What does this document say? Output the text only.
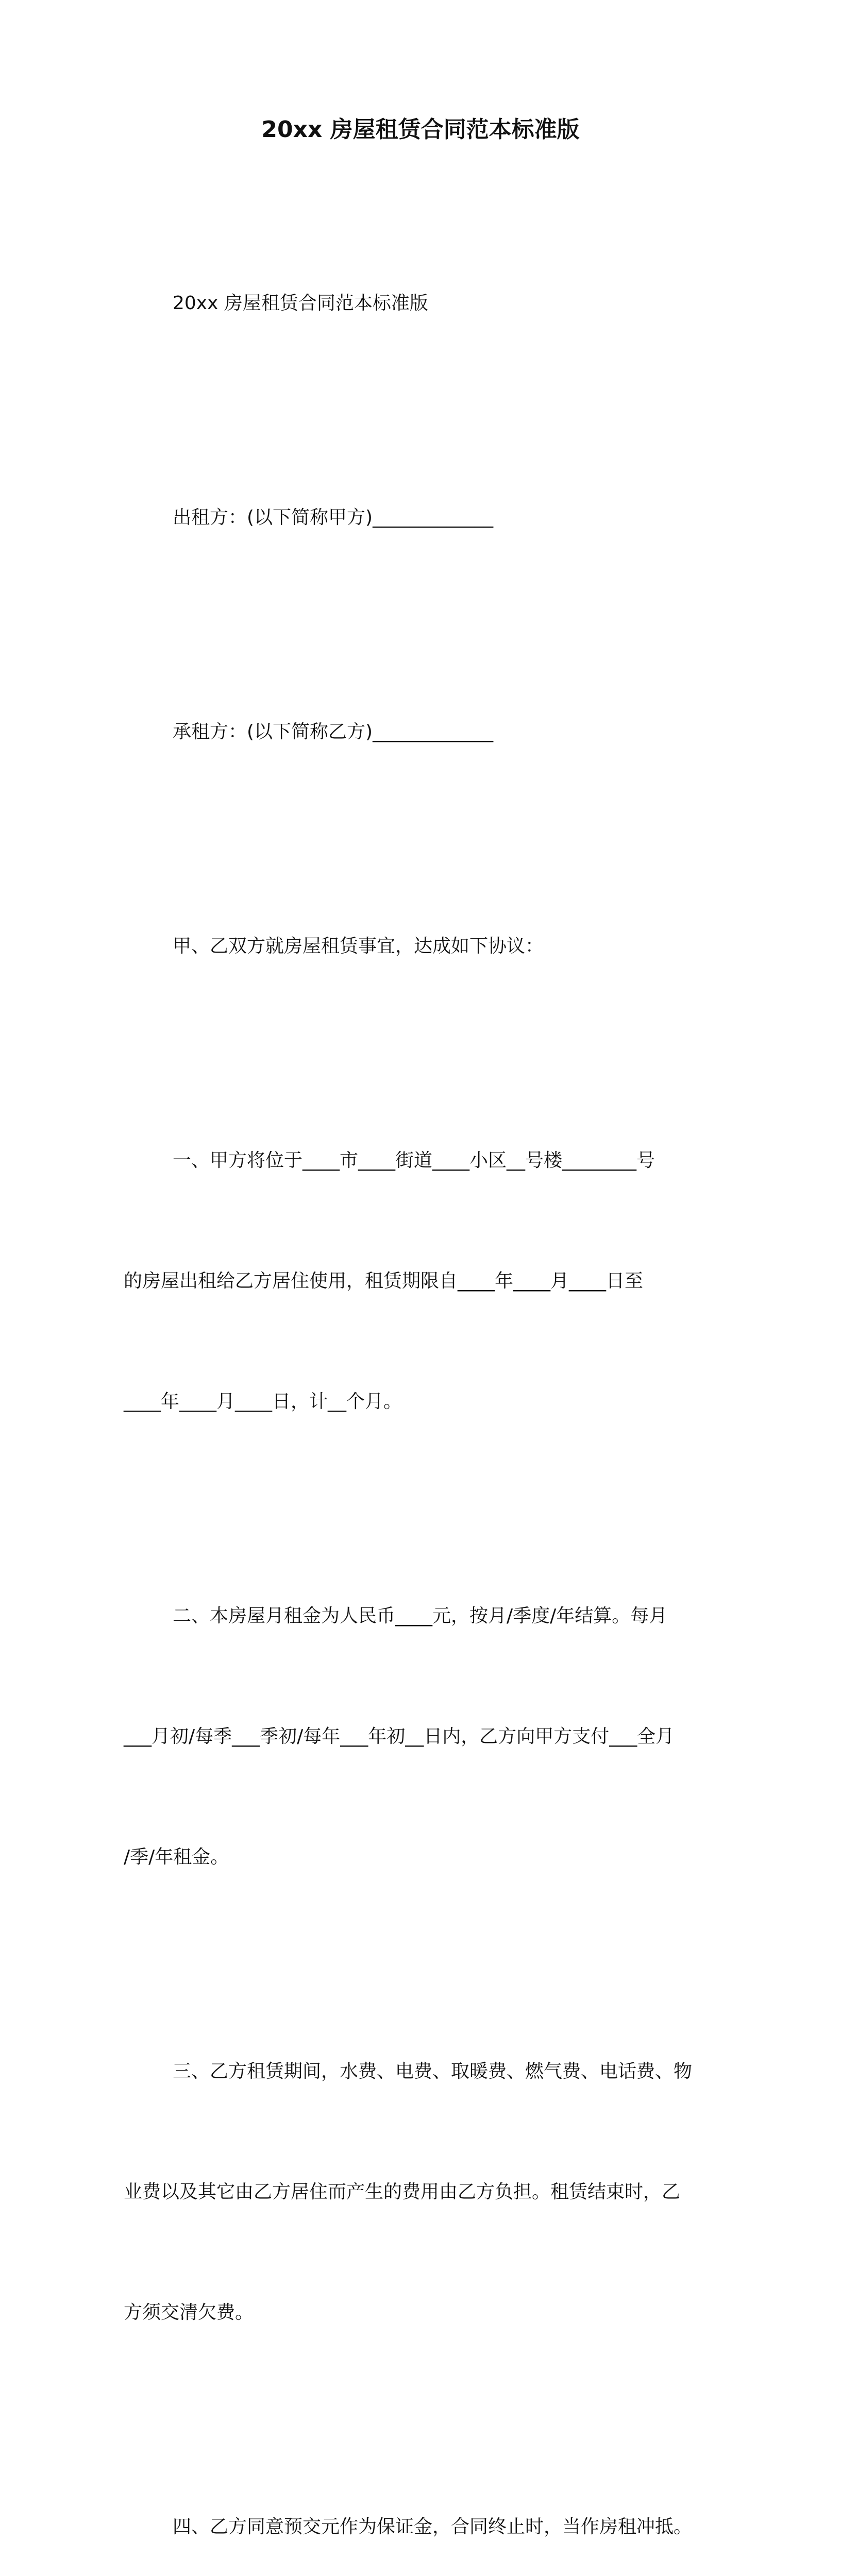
20xx 房屋租赁合同范本标准版

20xx 房屋租赁合同范本标准版

出租方：(以下简称甲方)_____________

承租方：(以下简称乙方)_____________

甲、乙双方就房屋租赁事宜，达成如下协议：

一、甲方将位于____市____街道____小区__号楼________号

的房屋出租给乙方居住使用，租赁期限自____年____月____日至

____年____月____日，计__个月。

二、本房屋月租金为人民币____元，按月/季度/年结算。每月

___月初/每季___季初/每年___年初__日内，乙方向甲方支付___全月

/季/年租金。

三、乙方租赁期间，水费、电费、取暖费、燃气费、电话费、物

业费以及其它由乙方居住而产生的费用由乙方负担。租赁结束时，乙

方须交清欠费。

四、乙方同意预交元作为保证金，合同终止时，当作房租冲抵。
